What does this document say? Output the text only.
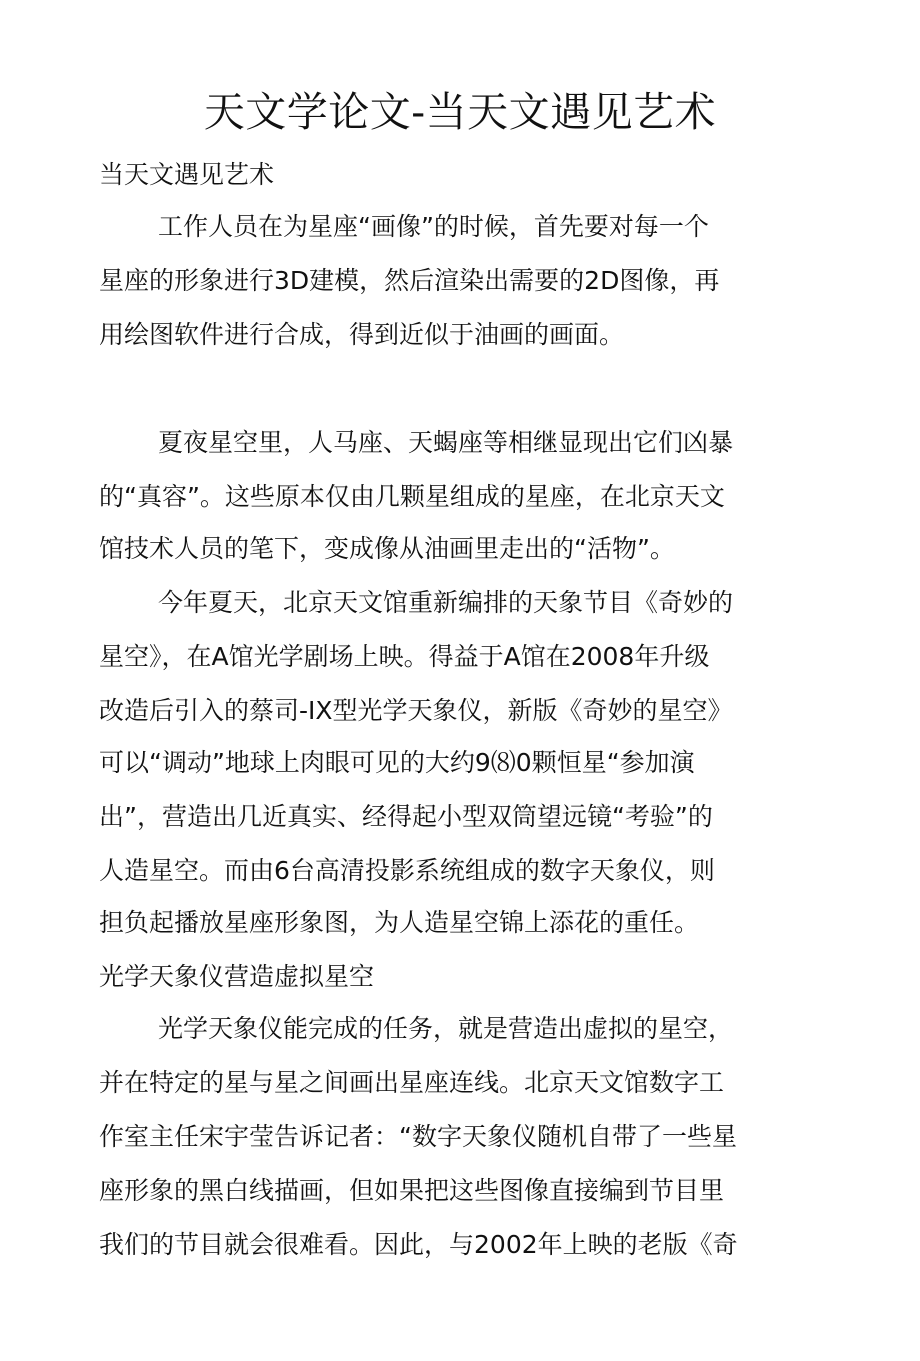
天文学论文-当天文遇见艺术
当天文遇见艺术
工作人员在为星座“画像”的时候，首先要对每一个
星座的形象进行3D建模，然后渲染出需要的2D图像，再
用绘图软件进行合成，得到近似于油画的画面。
夏夜星空里，人马座、天蝎座等相继显现出它们凶暴
的“真容”。这些原本仅由几颗星组成的星座，在北京天文
馆技术人员的笔下，变成像从油画里走出的“活物”。
今年夏天，北京天文馆重新编排的天象节目《奇妙的
星空》，在A馆光学剧场上映。得益于A馆在2008年升级
改造后引入的蔡司-IX型光学天象仪，新版《奇妙的星空》
可以“调动”地球上肉眼可见的大约9⑻0颗恒星“参加演
出”，营造出几近真实、经得起小型双筒望远镜“考验”的
人造星空。而由6台高清投影系统组成的数字天象仪，则
担负起播放星座形象图，为人造星空锦上添花的重任。
光学天象仪营造虚拟星空
光学天象仪能完成的任务，就是营造出虚拟的星空，
并在特定的星与星之间画出星座连线。北京天文馆数字工
作室主任宋宇莹告诉记者：“数字天象仪随机自带了一些星
座形象的黑白线描画，但如果把这些图像直接编到节目里
我们的节目就会很难看。因此，与2002年上映的老版《奇
